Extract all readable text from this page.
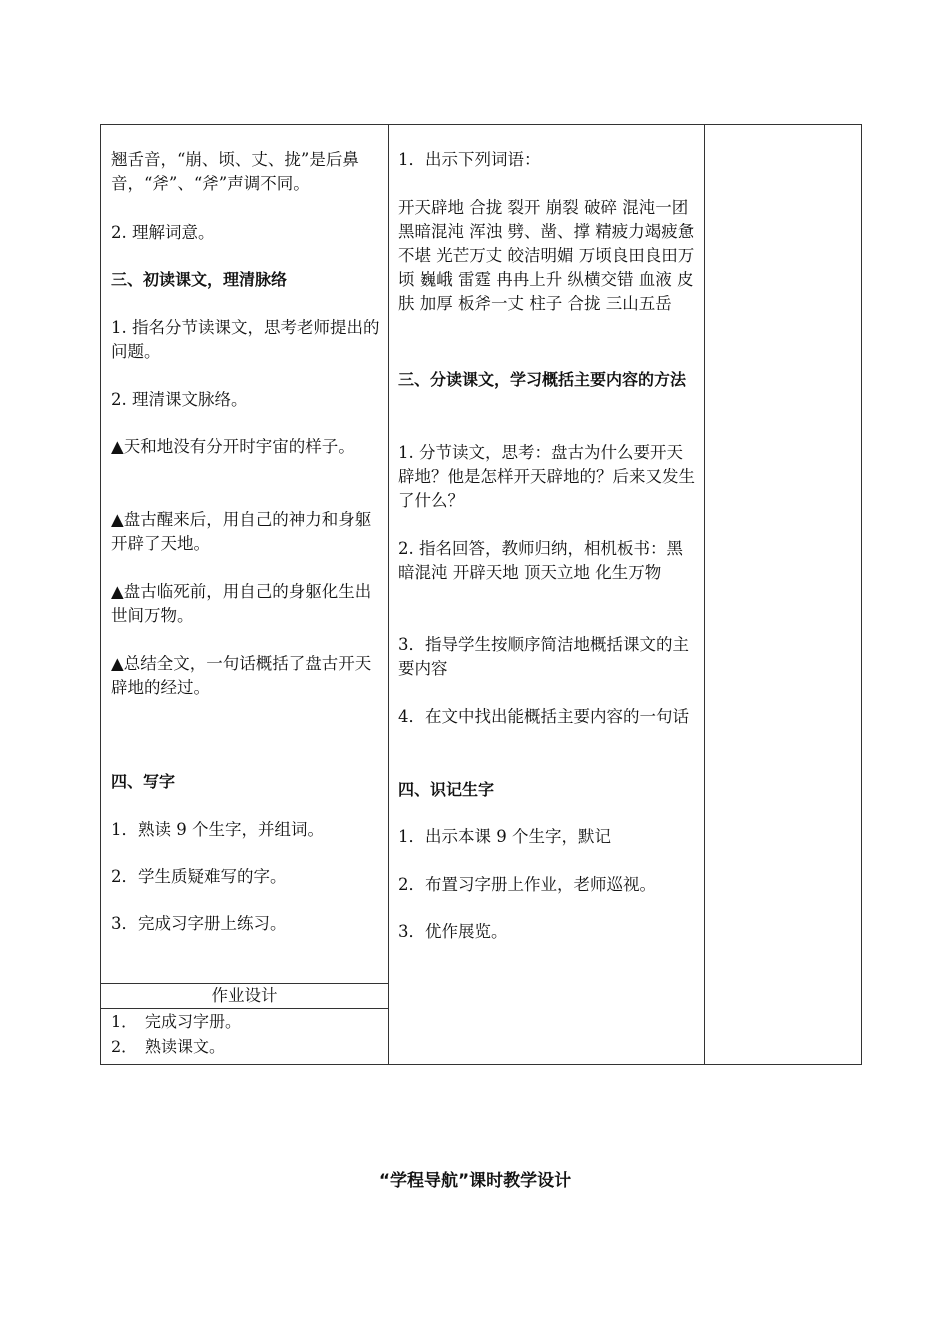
翘舌音，“崩、顷、丈、拢”是后鼻音，“斧”、“斧”声调不同。

2. 理解词意。

三、初读课文，理清脉络

1. 指名分节读课文，思考老师提出的问题。

2. 理清课文脉络。

▲天和地没有分开时宇宙的样子。

▲盘古醒来后，用自己的神力和身躯开辟了天地。

▲盘古临死前，用自己的身躯化生出世间万物。

▲总结全文，一句话概括了盘古开天辟地的经过。

四、写字

1．熟读 9 个生字，并组词。

2．学生质疑难写的字。

3．完成习字册上练习。

作业设计
1． 完成习字册。
2． 熟读课文。

1．出示下列词语：

开天辟地 合拢 裂开 崩裂 破碎 混沌一团 黑暗混沌 浑浊 劈、凿、撑 精疲力竭疲惫不堪 光芒万丈 皎洁明媚 万顷良田良田万顷 巍峨 雷霆 冉冉上升 纵横交错 血液 皮肤 加厚 板斧一丈 柱子 合拢 三山五岳

三、分读课文，学习概括主要内容的方法

1. 分节读文，思考：盘古为什么要开天辟地？他是怎样开天辟地的？后来又发生了什么？

2. 指名回答，教师归纳，相机板书：黑暗混沌 开辟天地 顶天立地 化生万物

3．指导学生按顺序简洁地概括课文的主要内容

4．在文中找出能概括主要内容的一句话

四、识记生字

1．出示本课 9 个生字，默记

2．布置习字册上作业，老师巡视。

3．优作展览。

“学程导航”课时教学设计
